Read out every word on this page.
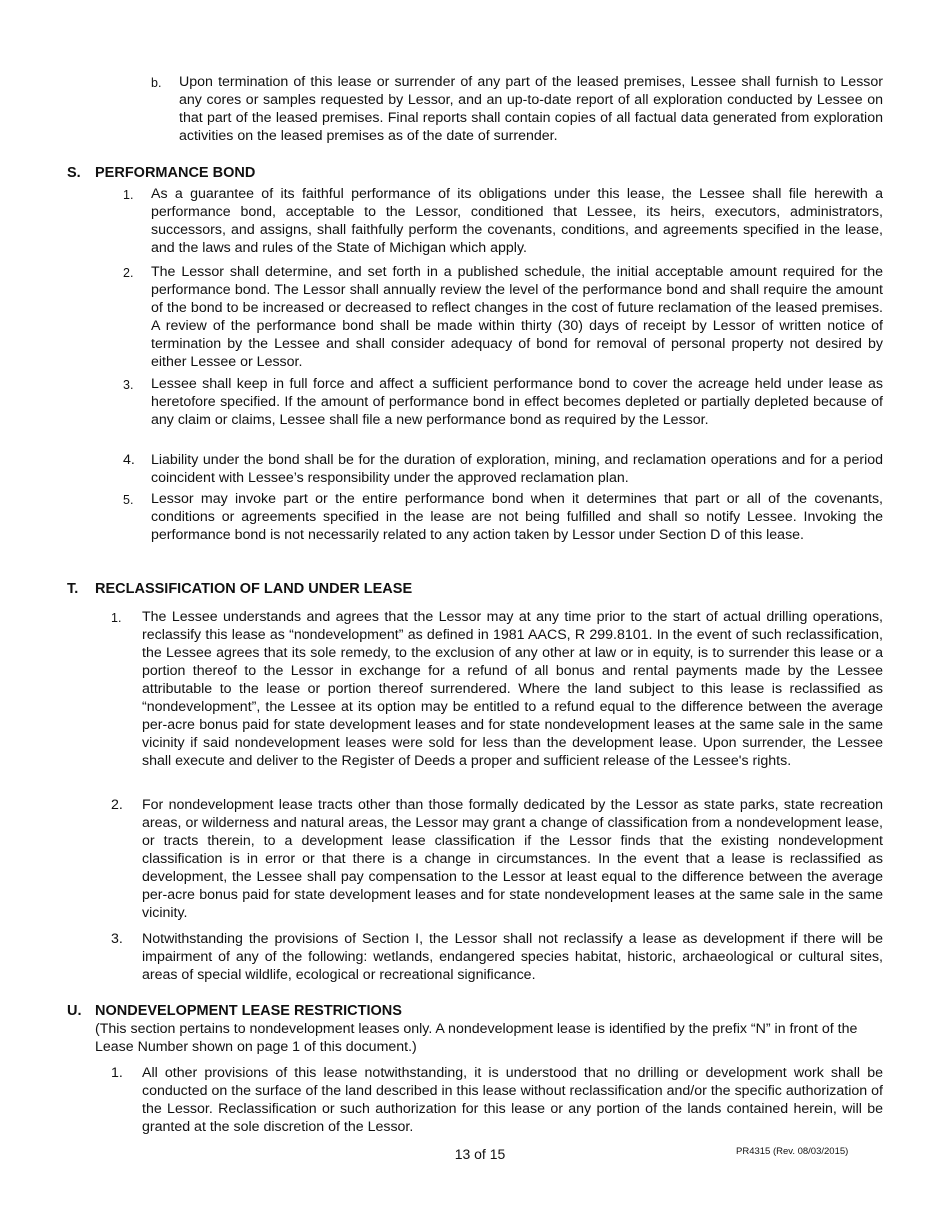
b. Upon termination of this lease or surrender of any part of the leased premises, Lessee shall furnish to Lessor any cores or samples requested by Lessor, and an up-to-date report of all exploration conducted by Lessee on that part of the leased premises. Final reports shall contain copies of all factual data generated from exploration activities on the leased premises as of the date of surrender.
S. PERFORMANCE BOND
1. As a guarantee of its faithful performance of its obligations under this lease, the Lessee shall file herewith a performance bond, acceptable to the Lessor, conditioned that Lessee, its heirs, executors, administrators, successors, and assigns, shall faithfully perform the covenants, conditions, and agreements specified in the lease, and the laws and rules of the State of Michigan which apply.
2. The Lessor shall determine, and set forth in a published schedule, the initial acceptable amount required for the performance bond. The Lessor shall annually review the level of the performance bond and shall require the amount of the bond to be increased or decreased to reflect changes in the cost of future reclamation of the leased premises. A review of the performance bond shall be made within thirty (30) days of receipt by Lessor of written notice of termination by the Lessee and shall consider adequacy of bond for removal of personal property not desired by either Lessee or Lessor.
3. Lessee shall keep in full force and affect a sufficient performance bond to cover the acreage held under lease as heretofore specified. If the amount of performance bond in effect becomes depleted or partially depleted because of any claim or claims, Lessee shall file a new performance bond as required by the Lessor.
4. Liability under the bond shall be for the duration of exploration, mining, and reclamation operations and for a period coincident with Lessee’s responsibility under the approved reclamation plan.
5. Lessor may invoke part or the entire performance bond when it determines that part or all of the covenants, conditions or agreements specified in the lease are not being fulfilled and shall so notify Lessee. Invoking the performance bond is not necessarily related to any action taken by Lessor under Section D of this lease.
T. RECLASSIFICATION OF LAND UNDER LEASE
1. The Lessee understands and agrees that the Lessor may at any time prior to the start of actual drilling operations, reclassify this lease as “nondevelopment” as defined in 1981 AACS, R 299.8101. In the event of such reclassification, the Lessee agrees that its sole remedy, to the exclusion of any other at law or in equity, is to surrender this lease or a portion thereof to the Lessor in exchange for a refund of all bonus and rental payments made by the Lessee attributable to the lease or portion thereof surrendered. Where the land subject to this lease is reclassified as “nondevelopment”, the Lessee at its option may be entitled to a refund equal to the difference between the average per-acre bonus paid for state development leases and for state nondevelopment leases at the same sale in the same vicinity if said nondevelopment leases were sold for less than the development lease. Upon surrender, the Lessee shall execute and deliver to the Register of Deeds a proper and sufficient release of the Lessee's rights.
2. For nondevelopment lease tracts other than those formally dedicated by the Lessor as state parks, state recreation areas, or wilderness and natural areas, the Lessor may grant a change of classification from a nondevelopment lease, or tracts therein, to a development lease classification if the Lessor finds that the existing nondevelopment classification is in error or that there is a change in circumstances. In the event that a lease is reclassified as development, the Lessee shall pay compensation to the Lessor at least equal to the difference between the average per-acre bonus paid for state development leases and for state nondevelopment leases at the same sale in the same vicinity.
3. Notwithstanding the provisions of Section I, the Lessor shall not reclassify a lease as development if there will be impairment of any of the following: wetlands, endangered species habitat, historic, archaeological or cultural sites, areas of special wildlife, ecological or recreational significance.
U. NONDEVELOPMENT LEASE RESTRICTIONS
(This section pertains to nondevelopment leases only. A nondevelopment lease is identified by the prefix “N” in front of the Lease Number shown on page 1 of this document.)
1. All other provisions of this lease notwithstanding, it is understood that no drilling or development work shall be conducted on the surface of the land described in this lease without reclassification and/or the specific authorization of the Lessor. Reclassification or such authorization for this lease or any portion of the lands contained herein, will be granted at the sole discretion of the Lessor.
13 of 15	PR4315 (Rev. 08/03/2015)
